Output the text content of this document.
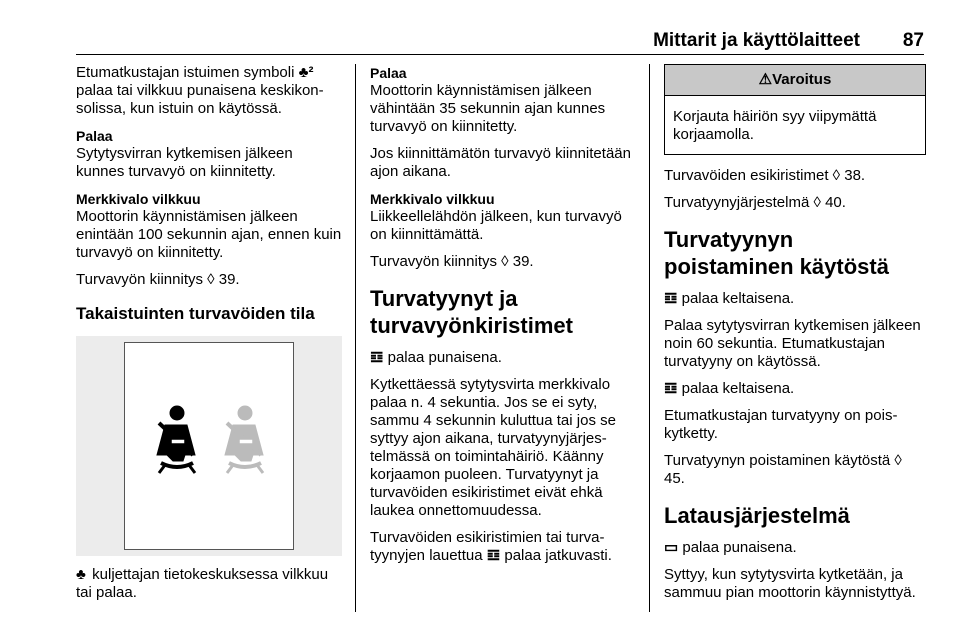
Mittarit ja käyttölaitteet	87

Etumatkustajan istuimen symboli ♣² palaa tai vilkkuu punaisena keskikonsolissa, kun istuin on käytössä.

Palaa

Sytytysvirran kytkemisen jälkeen kunnes turvavyö on kiinnitetty.

Merkkivalo vilkkuu

Moottorin käynnistämisen jälkeen enintään 100 sekunnin ajan, ennen kuin turvavyö on kiinnitetty.

Turvavyön kiinnitys ◊ 39.

Takaistuinten turvavöiden tila

♣ kuljettajan tietokeskuksessa vilkkuu tai palaa.

Palaa

Moottorin käynnistämisen jälkeen vähintään 35 sekunnin ajan kunnes turvavyö on kiinnitetty.

Jos kiinnittämätön turvavyö kiinnitetään ajon aikana.

Merkkivalo vilkkuu

Liikkeellelähdön jälkeen, kun turvavyö on kiinnittämättä.

Turvavyön kiinnitys ◊ 39.

Turvatyynyt ja turvavyönkiristimet

𝌒 palaa punaisena.

Kytkettäessä sytytysvirta merkkivalo palaa n. 4 sekuntia. Jos se ei syty, sammu 4 sekunnin kuluttua tai jos se syttyy ajon aikana, turvatyynyjärjestelmässä on toimintahäiriö. Käänny korjaamon puoleen. Turvatyynyt ja turvavöiden esikiristimet eivät ehkä laukea onnettomuudessa.

Turvavöiden esikiristimien tai turvatyynyjen lauettua 𝌒 palaa jatkuvasti.

⚠Varoitus
Korjauta häiriön syy viipymättä korjaamolla.

Turvavöiden esikiristimet ◊ 38.

Turvatyynyjärjestelmä ◊ 40.

Turvatyynyn poistaminen käytöstä

𝌒 palaa keltaisena.

Palaa sytytysvirran kytkemisen jälkeen noin 60 sekuntia. Etumatkustajan turvatyyny on käytössä.

𝌒 palaa keltaisena.

Etumatkustajan turvatyyny on poiskytketty.

Turvatyynyn poistaminen käytöstä ◊ 45.

Latausjärjestelmä

▭ palaa punaisena.

Syttyy, kun sytytysvirta kytketään, ja sammuu pian moottorin käynnistyttyä.
